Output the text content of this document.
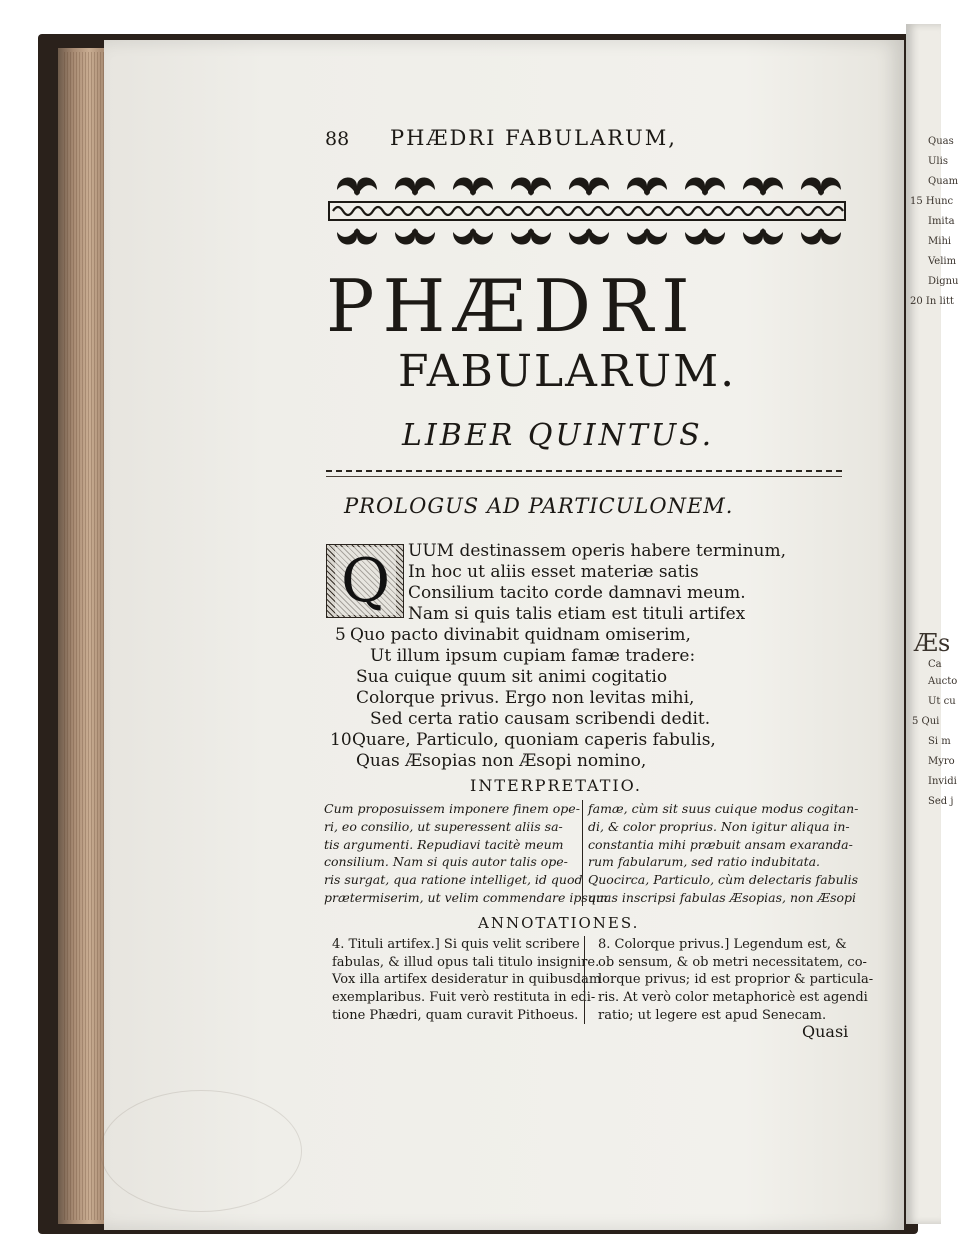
Quas
Ulis
Quam
15 Hunc
Imita
Mihi
Velim
Dignu
20 In litt
Æs
Ca
Aucto
Ut cu
5 Qui
Si m
Myro
Invidi
Sed j
88 PHÆDRI FABULARUM,
PHÆDRI
FABULARUM.
LIBER QUINTUS.
PROLOGUS AD PARTICULONEM.
Q	UUM destinassem operis habere terminum,
In hoc ut aliis esset materiæ satis
Consilium tacito corde damnavi meum.
Nam si quis talis etiam est tituli artifex
5 Quo pacto divinabit quidnam omiserim,
Ut illum ipsum cupiam famæ tradere:
Sua cuique quum sit animi cogitatio
Colorque privus. Ergo non levitas mihi,
Sed certa ratio causam scribendi dedit.
10 Quare, Particulo, quoniam caperis fabulis,
Quas Æsopias non Æsopi nomino,
INTERPRETATIO.
Cum proposuissem imponere finem ope-
ri, eo consilio, ut superessent aliis sa-
tis argumenti. Repudiavi tacitè meum
consilium. Nam si quis autor talis ope-
ris surgat, qua ratione intelliget, id quod
prætermiserim, ut velim commendare ipsum
famæ, cùm sit suus cuique modus cogitan-
di, & color proprius. Non igitur aliqua in-
constantia mihi præbuit ansam exaranda-
rum fabularum, sed ratio indubitata.
Quocirca, Particulo, cùm delectaris fabulis
quas inscripsi fabulas Æsopias, non Æsopi
ANNOTATIONES.
4. Tituli artifex.] Si quis velit scribere
fabulas, & illud opus tali titulo insignire.
Vox illa artifex desideratur in quibusdam
exemplaribus. Fuit verò restituta in edi-
tione Phædri, quam curavit Pithoeus.
8. Colorque privus.] Legendum est, &
ob sensum, & ob metri necessitatem, co-
lorque privus; id est proprior & particula-
ris. At verò color metaphoricè est agendi
ratio; ut legere est apud Senecam.
Quasi
